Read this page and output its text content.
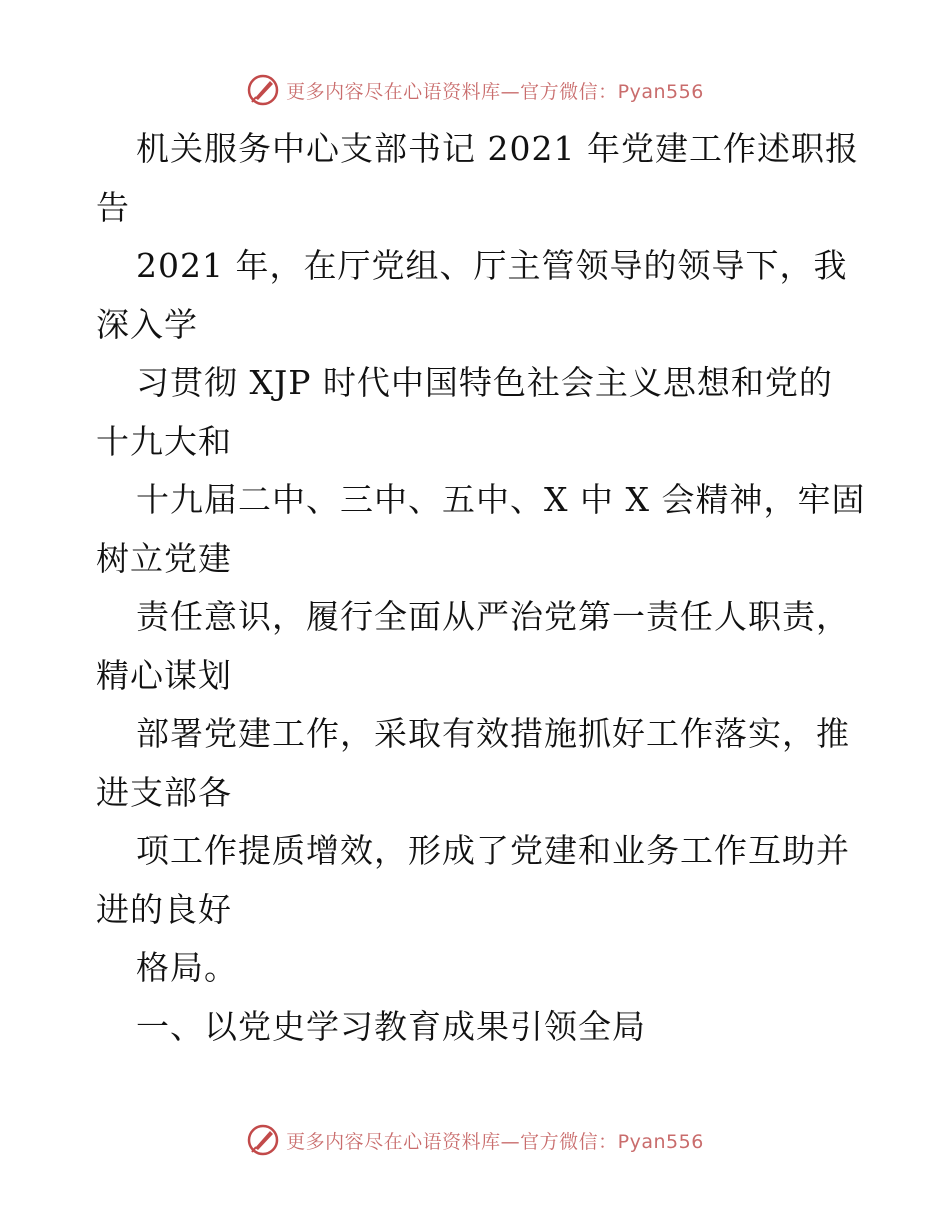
更多内容尽在心语资料库—官方微信：Pyan556
机关服务中心支部书记 2021 年党建工作述职报
告
2021 年，在厅党组、厅主管领导的领导下，我
深入学
习贯彻 XJP 时代中国特色社会主义思想和党的
十九大和
十九届二中、三中、五中、X 中 X 会精神，牢固
树立党建
责任意识，履行全面从严治党第一责任人职责，
精心谋划
部署党建工作，采取有效措施抓好工作落实，推
进支部各
项工作提质增效，形成了党建和业务工作互助并
进的良好
格局。
一、以党史学习教育成果引领全局
更多内容尽在心语资料库—官方微信：Pyan556
